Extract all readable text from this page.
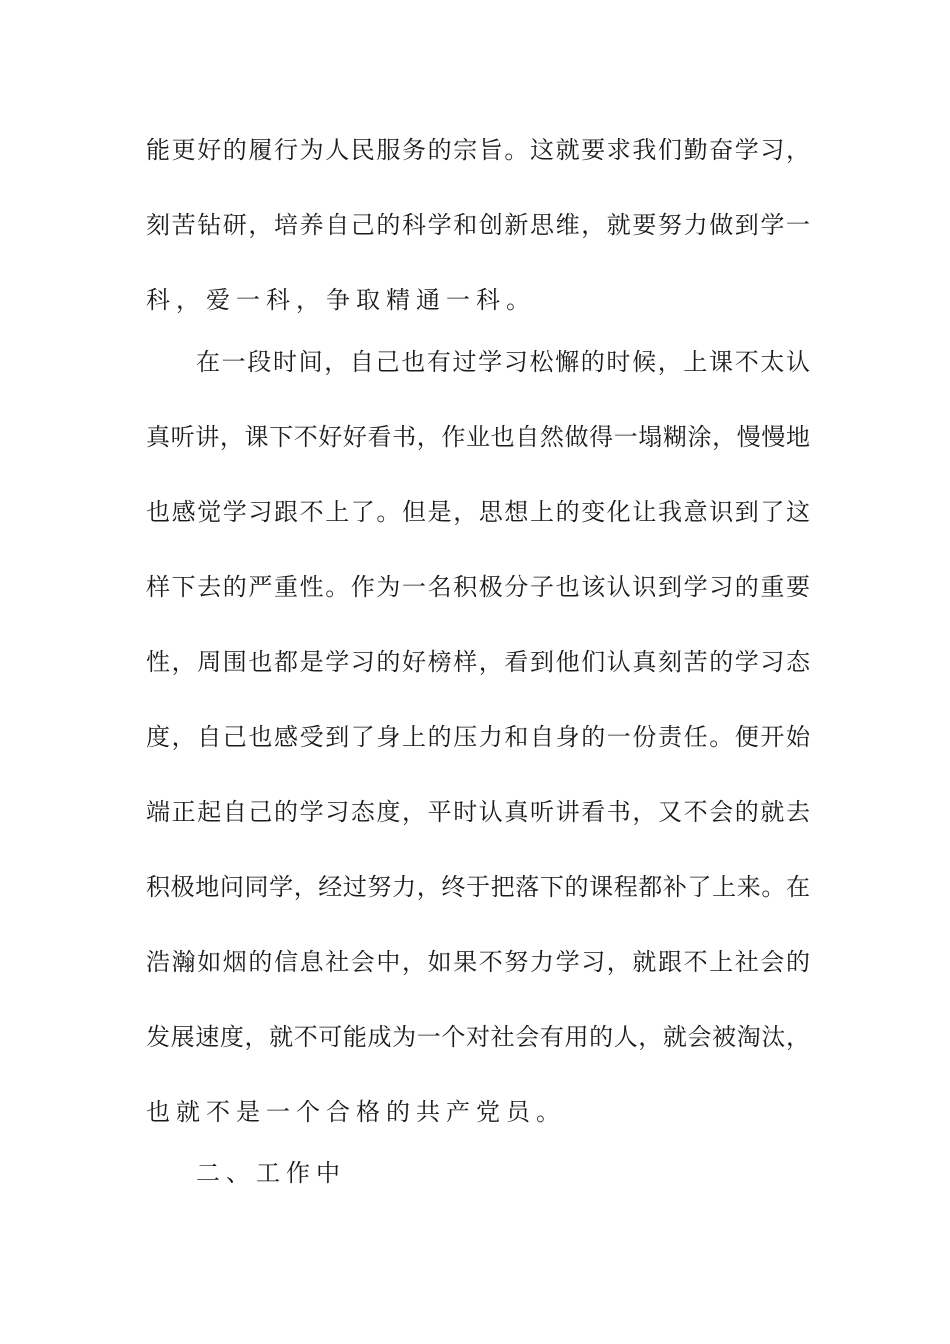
能更好的履行为人民服务的宗旨。这就要求我们勤奋学习，
刻苦钻研，培养自己的科学和创新思维，就要努力做到学一
科，爱一科，争取精通一科。
在一段时间，自己也有过学习松懈的时候，上课不太认
真听讲，课下不好好看书，作业也自然做得一塌糊涂，慢慢地
也感觉学习跟不上了。但是，思想上的变化让我意识到了这
样下去的严重性。作为一名积极分子也该认识到学习的重要
性，周围也都是学习的好榜样，看到他们认真刻苦的学习态
度，自己也感受到了身上的压力和自身的一份责任。便开始
端正起自己的学习态度，平时认真听讲看书，又不会的就去
积极地问同学，经过努力，终于把落下的课程都补了上来。在
浩瀚如烟的信息社会中，如果不努力学习，就跟不上社会的
发展速度，就不可能成为一个对社会有用的人，就会被淘汰，
也就不是一个合格的共产党员。
二、工作中
